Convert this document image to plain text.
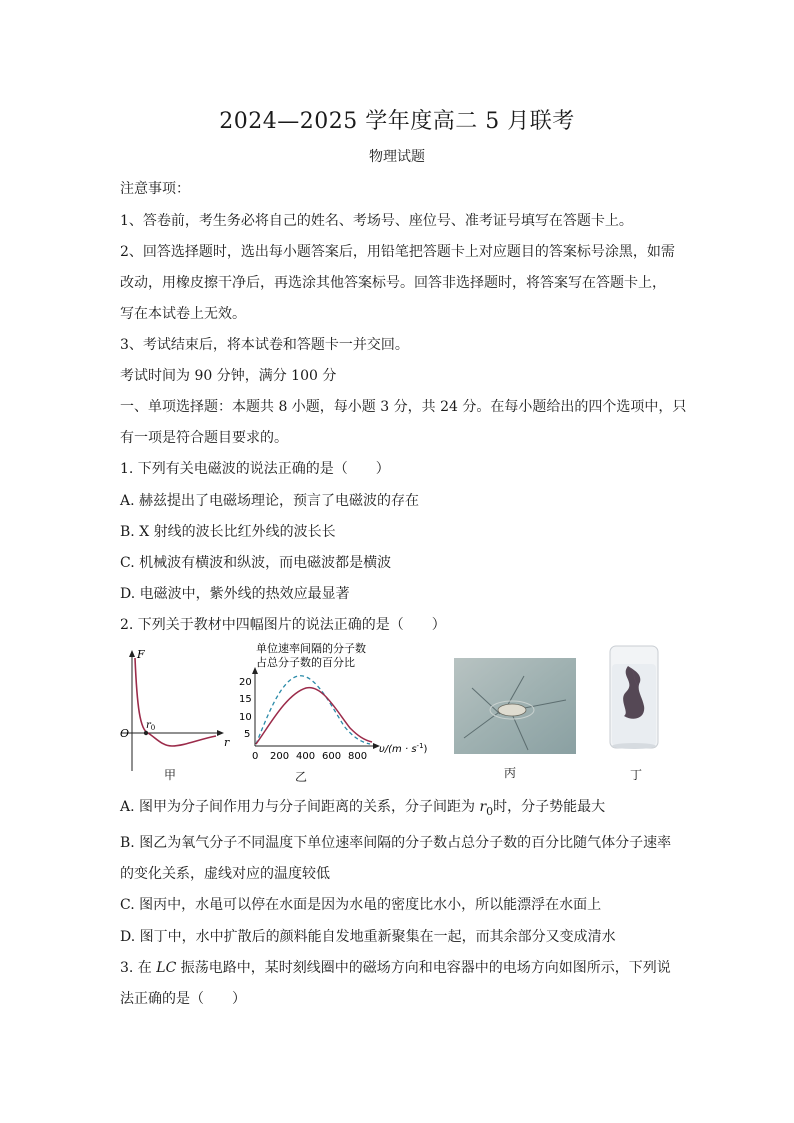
2024—2025 学年度高二 5 月联考
物理试题
注意事项：
1、答卷前，考生务必将自己的姓名、考场号、座位号、准考证号填写在答题卡上。
2、回答选择题时，选出每小题答案后，用铅笔把答题卡上对应题目的答案标号涂黑，如需
改动，用橡皮擦干净后，再选涂其他答案标号。回答非选择题时，将答案写在答题卡上，
写在本试卷上无效。
3、考试结束后，将本试卷和答题卡一并交回。
考试时间为 90 分钟，满分 100 分
一、单项选择题：本题共 8 小题，每小题 3 分，共 24 分。在每小题给出的四个选项中，只
有一项是符合题目要求的。
1. 下列有关电磁波的说法正确的是（　　）
A. 赫兹提出了电磁场理论，预言了电磁波的存在
B. X 射线的波长比红外线的波长长
C. 机械波有横波和纵波，而电磁波都是横波
D. 电磁波中，紫外线的热效应最显著
2. 下列关于教材中四幅图片的说法正确的是（　　）
F
O
r
$r_0$
甲
单位速率间隔的分子数
占总分子数的百分比
20
15
10
5
0 200 400 600 800
$\upsilon/(m \cdot s^{-1})$
乙	丙	丁
A. 图甲为分子间作用力与分子间距离的关系，分子间距为 $r_0$时，分子势能最大
B. 图乙为氧气分子不同温度下单位速率间隔的分子数占总分子数的百分比随气体分子速率
的变化关系，虚线对应的温度较低
C. 图丙中，水黾可以停在水面是因为水黾的密度比水小，所以能漂浮在水面上
D. 图丁中，水中扩散后的颜料能自发地重新聚集在一起，而其余部分又变成清水
3. 在 LC 振荡电路中，某时刻线圈中的磁场方向和电容器中的电场方向如图所示，下列说
法正确的是（　　）
